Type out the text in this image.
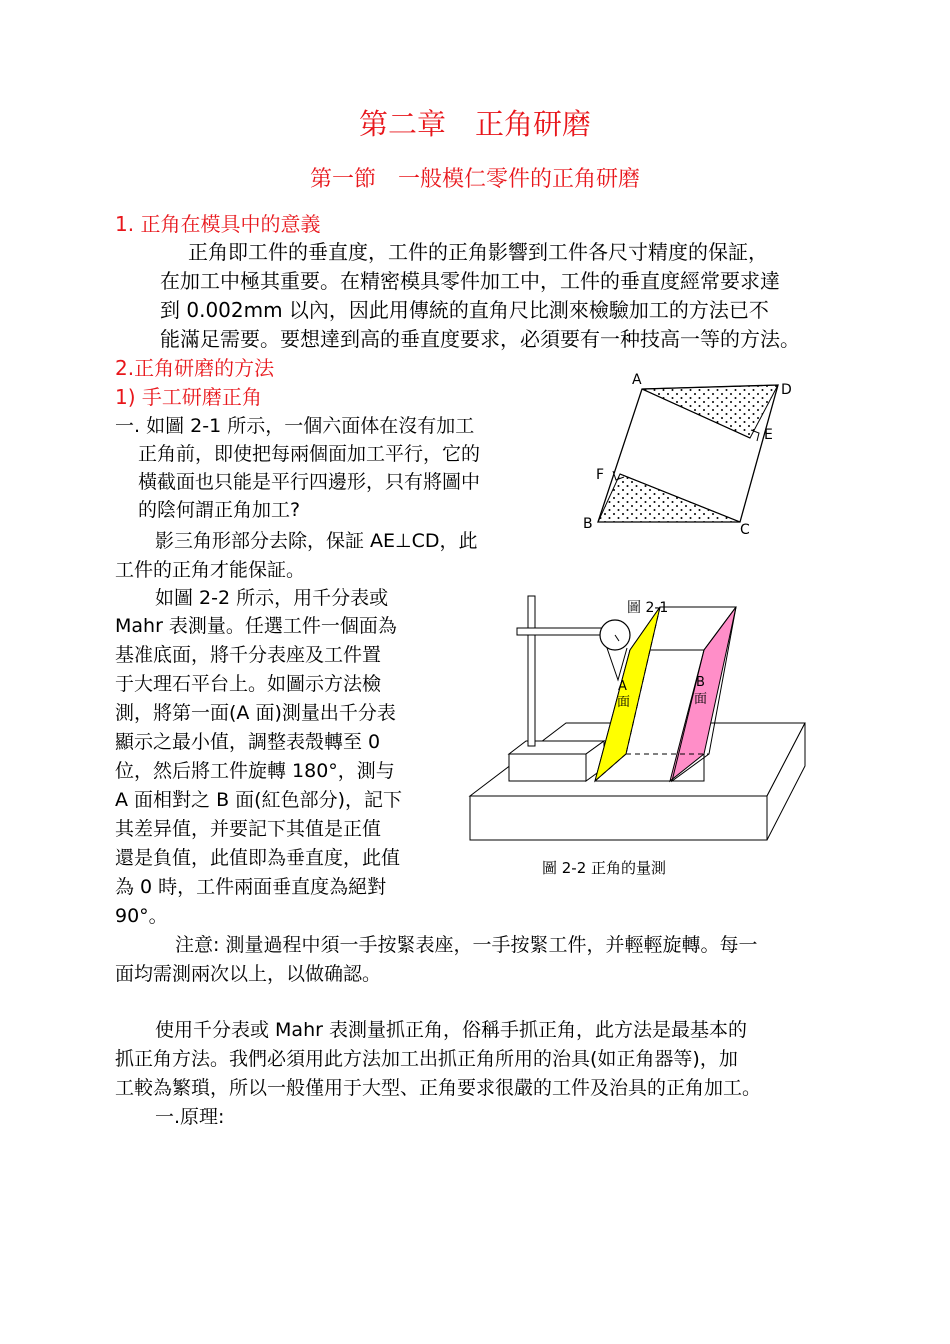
第二章　正角研磨
第一節　一般模仁零件的正角研磨
1. 正角在模具中的意義
正角即工件的垂直度，工件的正角影響到工件各尺寸精度的保証，
在加工中極其重要。在精密模具零件加工中，工件的垂直度經常要求達
到 0.002mm 以內，因此用傳統的直角尺比測來檢驗加工的方法已不
能滿足需要。要想達到高的垂直度要求，必須要有一种技高一等的方法。
2.正角研磨的方法
1) 手工研磨正角
一. 如圖 2-1 所示，一個六面体在沒有加工
正角前，即使把每兩個面加工平行，它的
橫截面也只能是平行四邊形，只有將圖中
的陰何謂正角加工?
影三角形部分去除，保証 AE⊥CD，此
工件的正角才能保証。
如圖 2-2 所示，用千分表或
Mahr 表測量。任選工件一個面為
基准底面，將千分表座及工件置
于大理石平台上。如圖示方法檢
測，將第一面(A 面)測量出千分表
顯示之最小值，調整表殼轉至 0
位，然后將工件旋轉 180°，測与
A 面相對之 B 面(紅色部分)，記下
其差异值，并要記下其值是正值
還是負值，此值即為垂直度，此值
為 0 時，工件兩面垂直度為絕對
90°。
注意: 測量過程中須一手按緊表座，一手按緊工件，并輕輕旋轉。每一
面均需測兩次以上，以做确認。
使用千分表或 Mahr 表測量抓正角，俗稱手抓正角，此方法是最基本的
抓正角方法。我們必須用此方法加工出抓正角所用的治具(如正角器等)，加
工較為繁瑣，所以一般僅用于大型、正角要求很嚴的工件及治具的正角加工。
一.原理:
A
D
E
F
B	C
圖 2-1
A
面
B
面
圖 2-2 正角的量測
